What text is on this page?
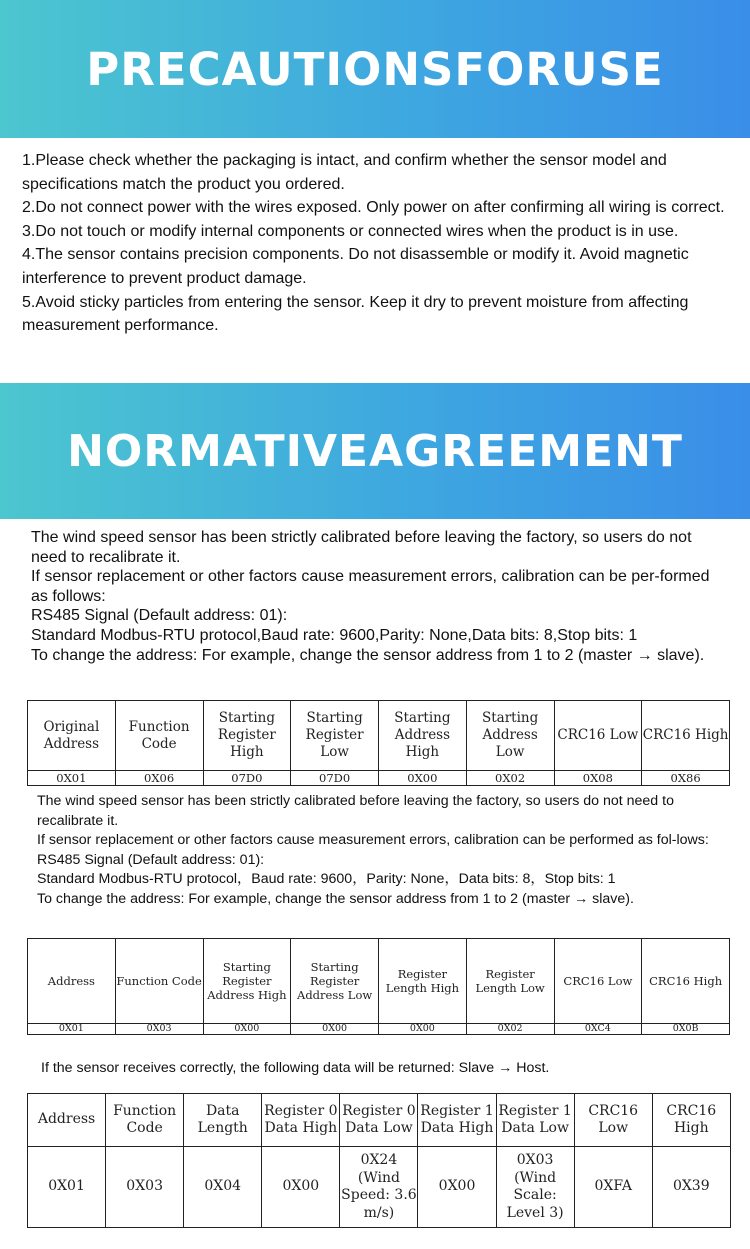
PRECAUTIONSFORUSE

1.Please check whether the packaging is intact, and confirm whether the sensor model and specifications match the product you ordered.

2.Do not connect power with the wires exposed. Only power on after confirming all wiring is correct.

3.Do not touch or modify internal components or connected wires when the product is in use.

4.The sensor contains precision components. Do not disassemble or modify it. Avoid magnetic interference to prevent product damage.

5.Avoid sticky particles from entering the sensor. Keep it dry to prevent moisture from affecting measurement performance.

NORMATIVEAGREEMENT

The wind speed sensor has been strictly calibrated before leaving the factory, so users do not need to recalibrate it.

If sensor replacement or other factors cause measurement errors, calibration can be per-formed as follows:

RS485 Signal (Default address: 01):

Standard Modbus-RTU protocol,Baud rate: 9600,Parity: None,Data bits: 8,Stop bits: 1

To change the address: For example, change the sensor address from 1 to 2 (master → slave).

Original Address	Function Code	Starting Register High	Starting Register Low	Starting Address High	Starting Address Low	CRC16 Low	CRC16 High
0X01	0X06	07D0	07D0	0X00	0X02	0X08	0X86

The wind speed sensor has been strictly calibrated before leaving the factory, so users do not need to recalibrate it.

If sensor replacement or other factors cause measurement errors, calibration can be performed as fol-lows:

RS485 Signal (Default address: 01):

Standard Modbus-RTU protocol，Baud rate: 9600，Parity: None，Data bits: 8，Stop bits: 1

To change the address: For example, change the sensor address from 1 to 2 (master → slave).

Address	Function Code	Starting Register Address High	Starting Register Address Low	Register Length High	Register Length Low	CRC16 Low	CRC16 High
0X01	0X03	0X00	0X00	0X00	0X02	0XC4	0X0B

If the sensor receives correctly, the following data will be returned: Slave → Host.

Address	Function Code	Data Length	Register 0 Data High	Register 0 Data Low	Register 1 Data High	Register 1 Data Low	CRC16 Low	CRC16 High
0X01	0X03	0X04	0X00	0X24 (Wind Speed: 3.6 m/s)	0X00	0X03 (Wind Scale: Level 3)	0XFA	0X39
